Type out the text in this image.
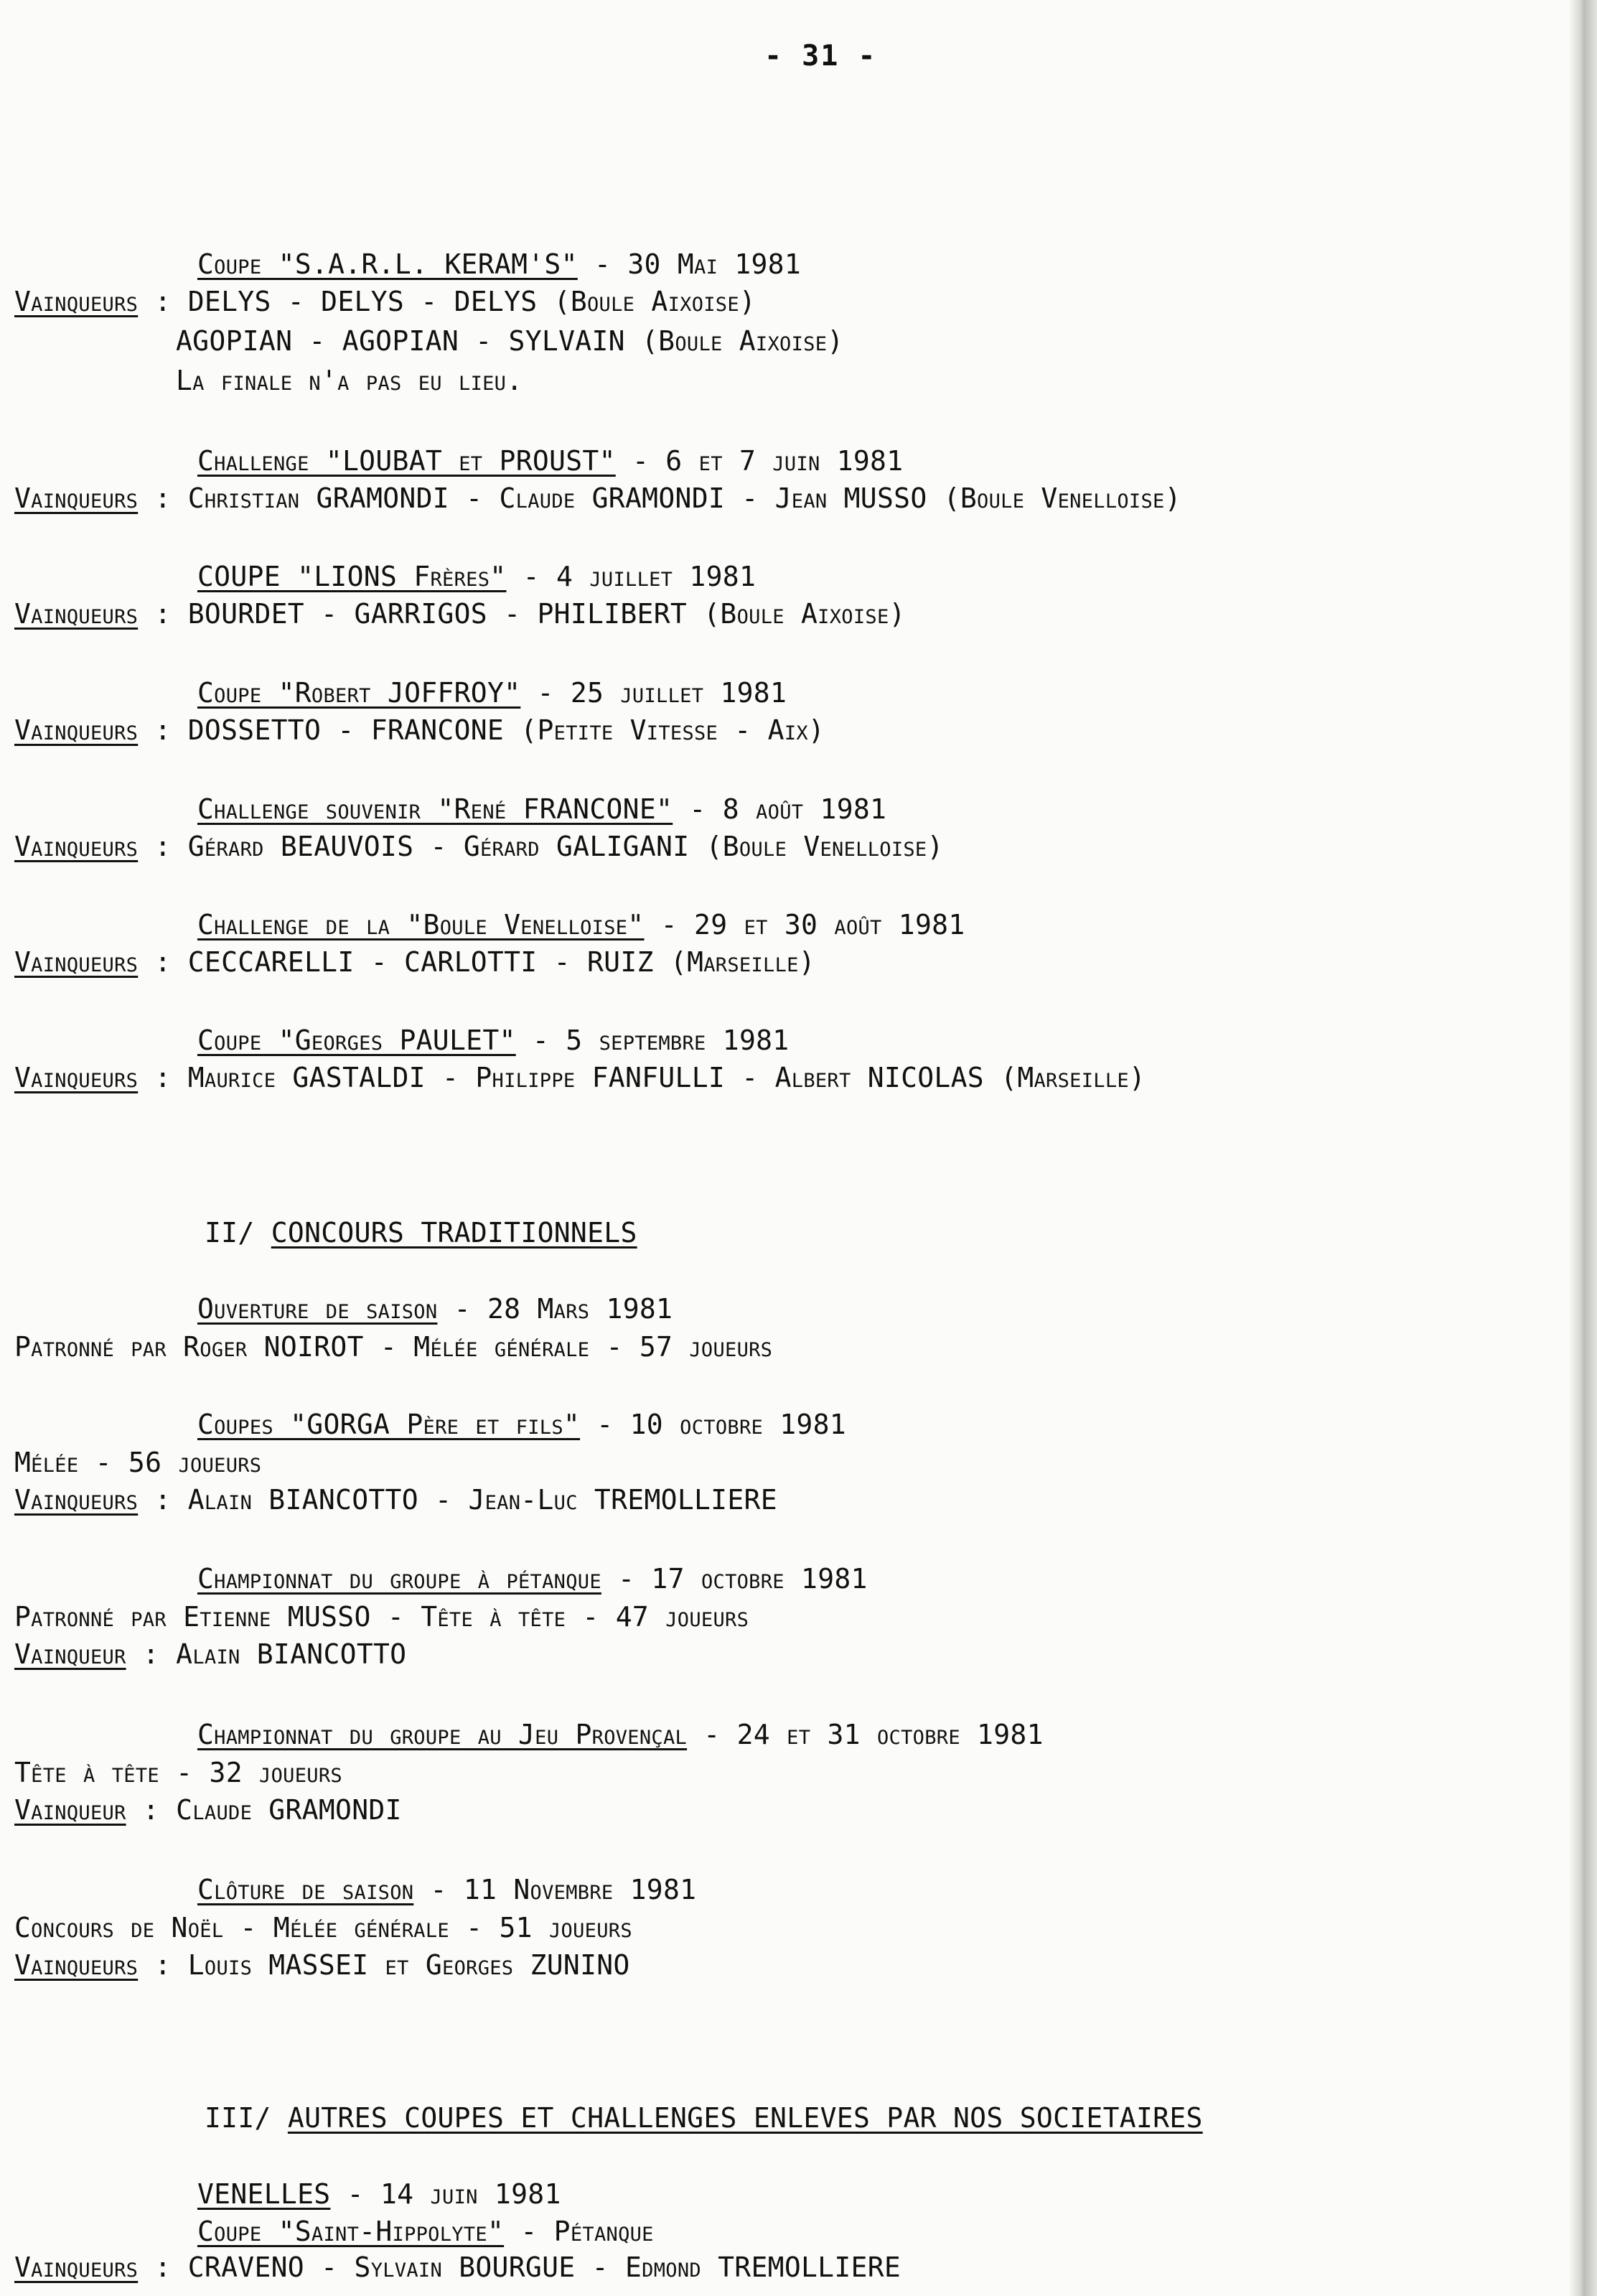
- 31 -
Coupe "S.A.R.L. KERAM'S" - 30 Mai 1981
Vainqueurs : DELYS - DELYS - DELYS (Boule Aixoise)
AGOPIAN - AGOPIAN - SYLVAIN (Boule Aixoise)
La finale n'a pas eu lieu.
Challenge "LOUBAT et PROUST" - 6 et 7 juin 1981
Vainqueurs : Christian GRAMONDI - Claude GRAMONDI - Jean MUSSO (Boule Venelloise)
COUPE "LIONS Frères" - 4 juillet 1981
Vainqueurs : BOURDET - GARRIGOS - PHILIBERT (Boule Aixoise)
Coupe "Robert JOFFROY" - 25 juillet 1981
Vainqueurs : DOSSETTO - FRANCONE (Petite Vitesse - Aix)
Challenge souvenir "René FRANCONE" - 8 août 1981
Vainqueurs : Gérard BEAUVOIS - Gérard GALIGANI (Boule Venelloise)
Challenge de la "Boule Venelloise" - 29 et 30 août 1981
Vainqueurs : CECCARELLI - CARLOTTI - RUIZ (Marseille)
Coupe "Georges PAULET" - 5 septembre 1981
Vainqueurs : Maurice GASTALDI - Philippe FANFULLI - Albert NICOLAS (Marseille)
II/ CONCOURS TRADITIONNELS
Ouverture de saison - 28 Mars 1981
Patronné par Roger NOIROT - Mélée générale - 57 joueurs
Coupes "GORGA Père et fils" - 10 octobre 1981
Mélée - 56 joueurs
Vainqueurs : Alain BIANCOTTO - Jean-Luc TREMOLLIERE
Championnat du groupe à pétanque - 17 octobre 1981
Patronné par Etienne MUSSO - Tête à tête - 47 joueurs
Vainqueur : Alain BIANCOTTO
Championnat du groupe au Jeu Provençal - 24 et 31 octobre 1981
Tête à tête - 32 joueurs
Vainqueur : Claude GRAMONDI
Clôture de saison - 11 Novembre 1981
Concours de Noël - Mélée générale - 51 joueurs
Vainqueurs : Louis MASSEI et Georges ZUNINO
III/ AUTRES COUPES ET CHALLENGES ENLEVES PAR NOS SOCIETAIRES
VENELLES - 14 juin 1981
Coupe "Saint-Hippolyte" - Pétanque
Vainqueurs : CRAVENO - Sylvain BOURGUE - Edmond TREMOLLIERE
